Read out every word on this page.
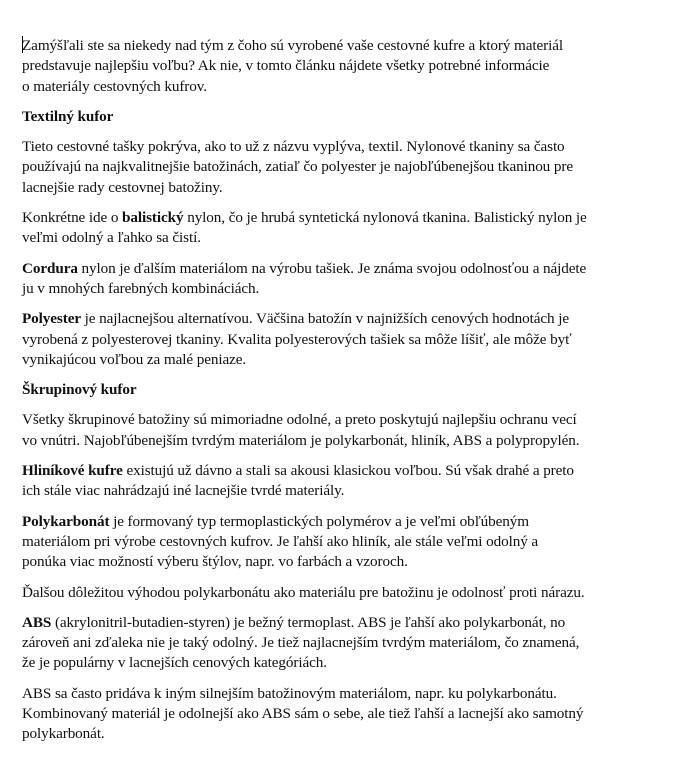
Zamýšľali ste sa niekedy nad tým z čoho sú vyrobené vaše cestovné kufre a ktorý materiál
predstavuje najlepšiu voľbu? Ak nie, v tomto článku nájdete všetky potrebné informácie
o materiály cestovných kufrov.

Textilný kufor

Tieto cestovné tašky pokrýva, ako to už z názvu vyplýva, textil. Nylonové tkaniny sa často
používajú na najkvalitnejšie batožinách, zatiaľ čo polyester je najobľúbenejšou tkaninou pre
lacnejšie rady cestovnej batožiny.

Konkrétne ide o balistický nylon, čo je hrubá syntetická nylonová tkanina. Balistický nylon je
veľmi odolný a ľahko sa čistí.

Cordura nylon je ďalším materiálom na výrobu tašiek. Je známa svojou odolnosťou a nájdete
ju v mnohých farebných kombináciách.

Polyester je najlacnejšou alternatívou. Väčšina batožín v najnižších cenových hodnotách je
vyrobená z polyesterovej tkaniny. Kvalita polyesterových tašiek sa môže líšiť, ale môže byť
vynikajúcou voľbou za malé peniaze.

Škrupinový kufor

Všetky škrupinové batožiny sú mimoriadne odolné, a preto poskytujú najlepšiu ochranu vecí
vo vnútri. Najobľúbenejším tvrdým materiálom je polykarbonát, hliník, ABS a polypropylén.

Hliníkové kufre existujú už dávno a stali sa akousi klasickou voľbou. Sú však drahé a preto
ich stále viac nahrádzajú iné lacnejšie tvrdé materiály.

Polykarbonát je formovaný typ termoplastických polymérov a je veľmi obľúbeným
materiálom pri výrobe cestovných kufrov. Je ľahší ako hliník, ale stále veľmi odolný a
ponúka viac možností výberu štýlov, napr. vo farbách a vzoroch.

Ďalšou dôležitou výhodou polykarbonátu ako materiálu pre batožinu je odolnosť proti nárazu.

ABS (akrylonitril-butadien-styren) je bežný termoplast. ABS je ľahší ako polykarbonát, no
zároveň ani zďaleka nie je taký odolný. Je tiež najlacnejším tvrdým materiálom, čo znamená,
že je populárny v lacnejších cenových kategóriách.

ABS sa často pridáva k iným silnejším batožinovým materiálom, napr. ku polykarbonátu.
Kombinovaný materiál je odolnejší ako ABS sám o sebe, ale tiež ľahší a lacnejší ako samotný
polykarbonát.
